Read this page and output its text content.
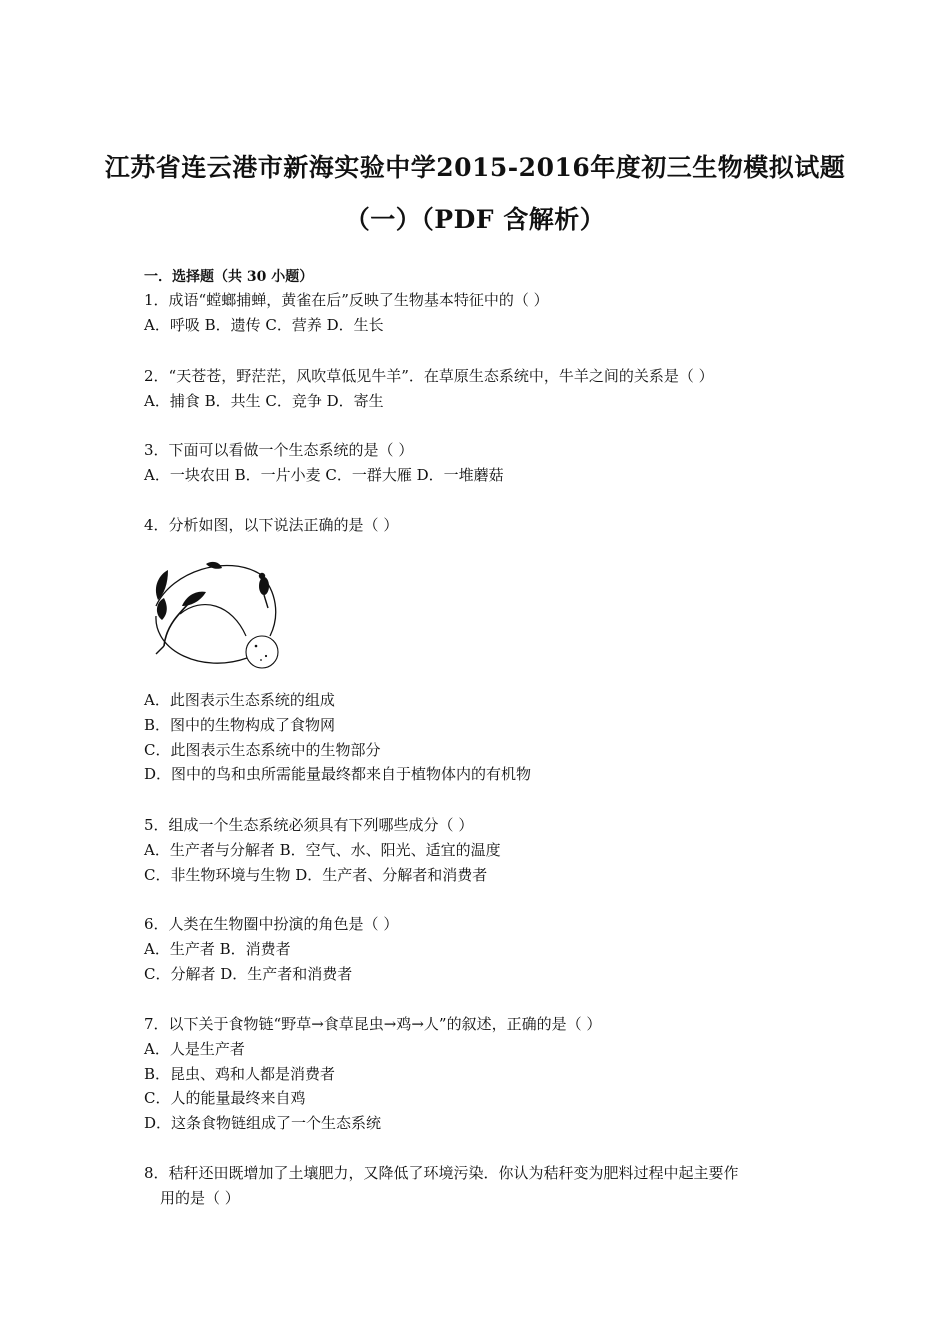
江苏省连云港市新海实验中学2015-2016年度初三生物模拟试题
（一）（PDF 含解析）
一．选择题（共 30 小题）
1．成语“螳螂捕蝉，黄雀在后”反映了生物基本特征中的（ ）
A．呼吸 B．遗传 C．营养 D．生长
2．“天苍苍，野茫茫，风吹草低见牛羊”．在草原生态系统中，牛羊之间的关系是（ ）
A．捕食 B．共生 C．竞争 D．寄生
3．下面可以看做一个生态系统的是（ ）
A．一块农田 B．一片小麦 C．一群大雁 D．一堆蘑菇
4．分析如图，以下说法正确的是（ ）
A．此图表示生态系统的组成
B．图中的生物构成了食物网
C．此图表示生态系统中的生物部分
D．图中的鸟和虫所需能量最终都来自于植物体内的有机物
5．组成一个生态系统必须具有下列哪些成分（ ）
A．生产者与分解者 B．空气、水、阳光、适宜的温度
C．非生物环境与生物 D．生产者、分解者和消费者
6．人类在生物圈中扮演的角色是（ ）
A．生产者 B．消费者
C．分解者 D．生产者和消费者
7．以下关于食物链“野草→食草昆虫→鸡→人”的叙述，正确的是（ ）
A．人是生产者
B．昆虫、鸡和人都是消费者
C．人的能量最终来自鸡
D．这条食物链组成了一个生态系统
8．秸秆还田既增加了土壤肥力，又降低了环境污染．你认为秸秆变为肥料过程中起主要作
用的是（ ）
